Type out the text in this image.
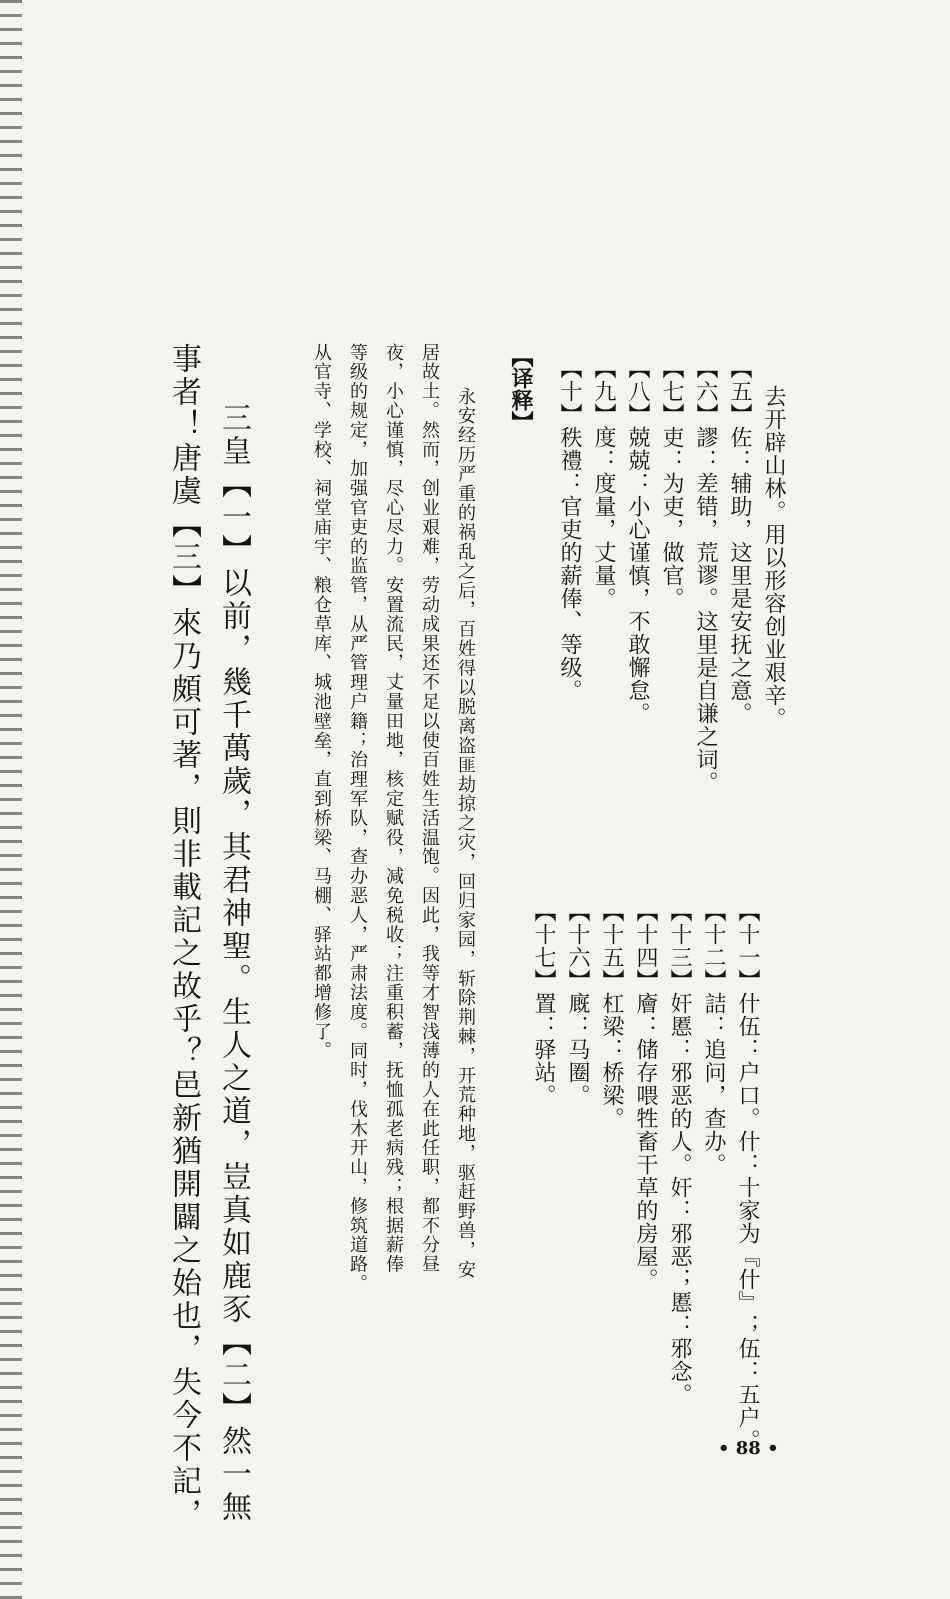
去开辟山林。用以形容创业艰辛。
【五】佐：辅助，这里是安抚之意。
【六】謬：差错，荒谬。这里是自谦之词。
【七】吏：为吏，做官。
【八】兢兢：小心谨慎，不敢懈怠。
【九】度：度量，丈量。
【十】秩禮：官吏的薪俸、等级。
【十一】什伍：户口。什：十家为『什』；伍：五户。
【十二】詰：追问，查办。
【十三】奸慝：邪恶的人。奸：邪恶；慝：邪念。
【十四】廥：储存喂牲畜干草的房屋。
【十五】杠梁：桥梁。
【十六】廐：马圈。
【十七】置：驿站。
【译释】
永安经历严重的祸乱之后，百姓得以脱离盗匪劫掠之灾，回归家园，斩除荆棘，开荒种地，驱赶野兽，安
居故土。然而，创业艰难，劳动成果还不足以使百姓生活温饱。因此，我等才智浅薄的人在此任职，都不分昼
夜，小心谨慎，尽心尽力。安置流民，丈量田地，核定赋役，减免税收；注重积蓄，抚恤孤老病残；根据薪俸
等级的规定，加强官吏的监管，从严管理户籍；治理军队，查办恶人，严肃法度。同时，伐木开山，修筑道路。
从官寺、学校、祠堂庙宇、粮仓草库、城池壁垒，直到桥梁、马棚、驿站都增修了。
三皇【一】以前，幾千萬歲，其君神聖。生人之道，豈真如鹿豕【二】然一無
事者！唐虞【三】來乃頗可著，則非載記之故乎？邑新猶開闢之始也，失今不記，	• 88 •
